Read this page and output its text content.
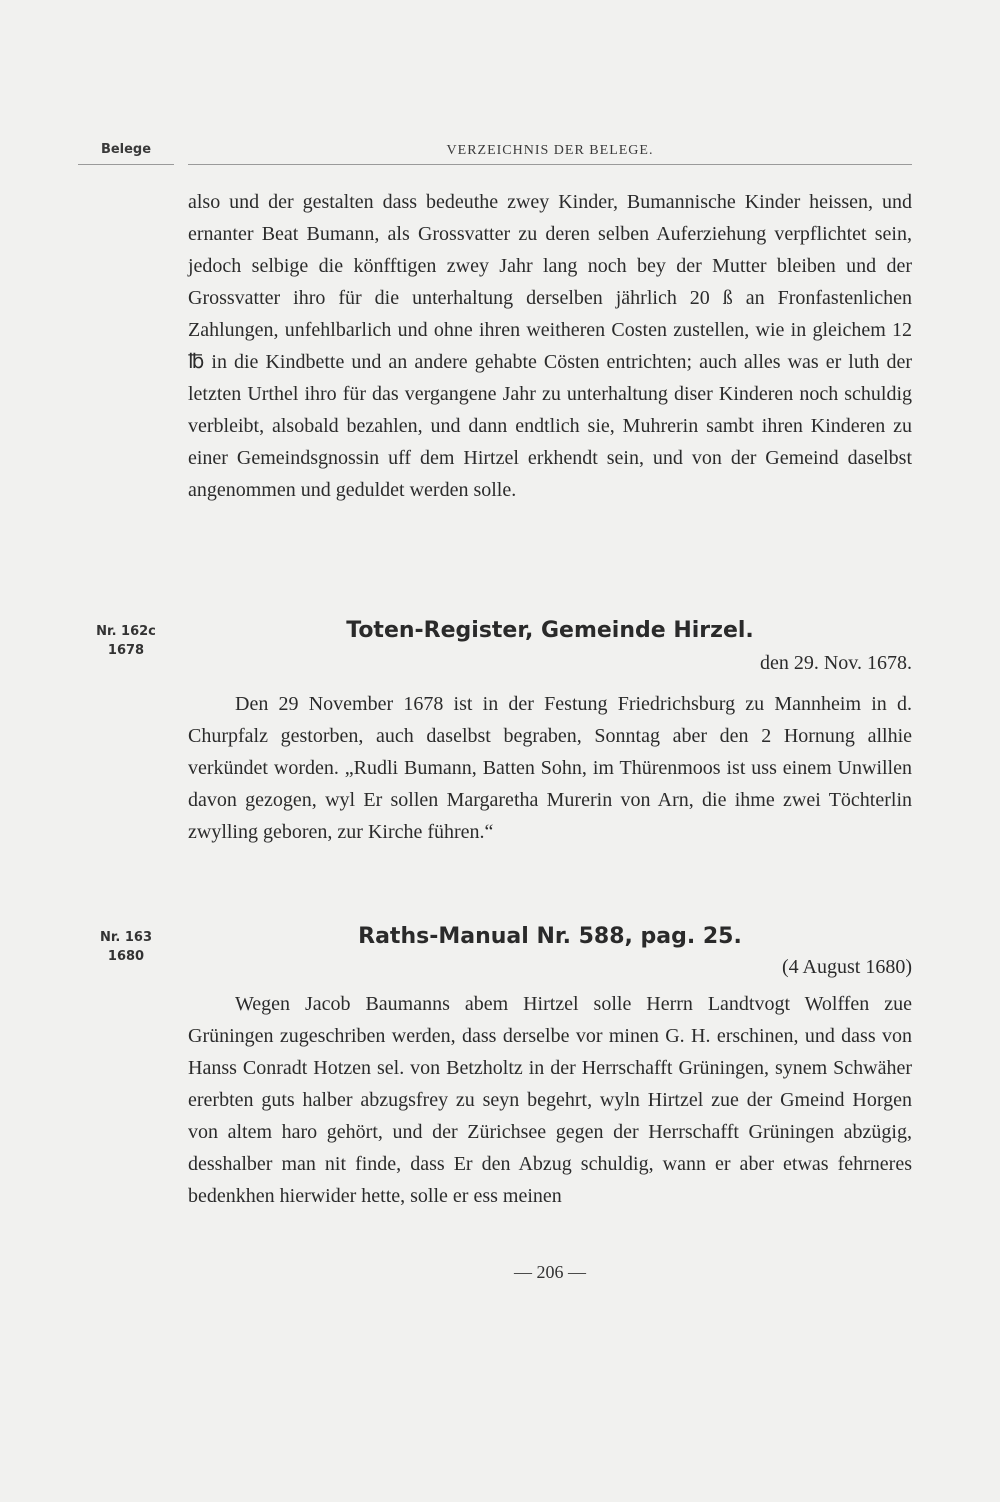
Belege	VERZEICHNIS DER BELEGE.
also und der gestalten dass bedeuthe zwey Kinder, Bumannische Kinder heissen, und ernanter Beat Bumann, als Grossvatter zu deren selben Auferziehung verpflichtet sein, jedoch selbige die könfftigen zwey Jahr lang noch bey der Mutter bleiben und der Grossvatter ihro für die unterhaltung derselben jährlich 20 ß an Fronfastenlichen Zahlungen, unfehlbarlich und ohne ihren weitheren Costen zustellen, wie in gleichem 12 ℔ in die Kindbette und an andere gehabte Cösten entrichten; auch alles was er luth der letzten Urthel ihro für das vergangene Jahr zu unterhaltung diser Kinderen noch schuldig verbleibt, alsobald bezahlen, und dann endtlich sie, Muhrerin sambt ihren Kinderen zu einer Gemeindsgnossin uff dem Hirtzel erkhendt sein, und von der Gemeind daselbst angenommen und geduldet werden solle.
Nr. 162c
1678
Toten-Register, Gemeinde Hirzel.
den 29. Nov. 1678.
Den 29 November 1678 ist in der Festung Friedrichsburg zu Mannheim in d. Churpfalz gestorben, auch daselbst begraben, Sonntag aber den 2 Hornung allhie verkündet worden. „Rudli Bumann, Batten Sohn, im Thürenmoos ist uss einem Unwillen davon gezogen, wyl Er sollen Margaretha Murerin von Arn, die ihme zwei Töchterlin zwylling geboren, zur Kirche führen.“
Nr. 163
1680
Raths-Manual Nr. 588, pag. 25.
(4 August 1680)
Wegen Jacob Baumanns abem Hirtzel solle Herrn Landtvogt Wolffen zue Grüningen zugeschriben werden, dass derselbe vor minen G. H. erschinen, und dass von Hanss Conradt Hotzen sel. von Betzholtz in der Herrschafft Grüningen, synem Schwäher ererbten guts halber abzugsfrey zu seyn begehrt, wyln Hirtzel zue der Gmeind Horgen von altem haro gehört, und der Zürichsee gegen der Herrschafft Grüningen abzügig, desshalber man nit finde, dass Er den Abzug schuldig, wann er aber etwas fehrneres bedenkhen hierwider hette, solle er ess meinen
— 206 —
